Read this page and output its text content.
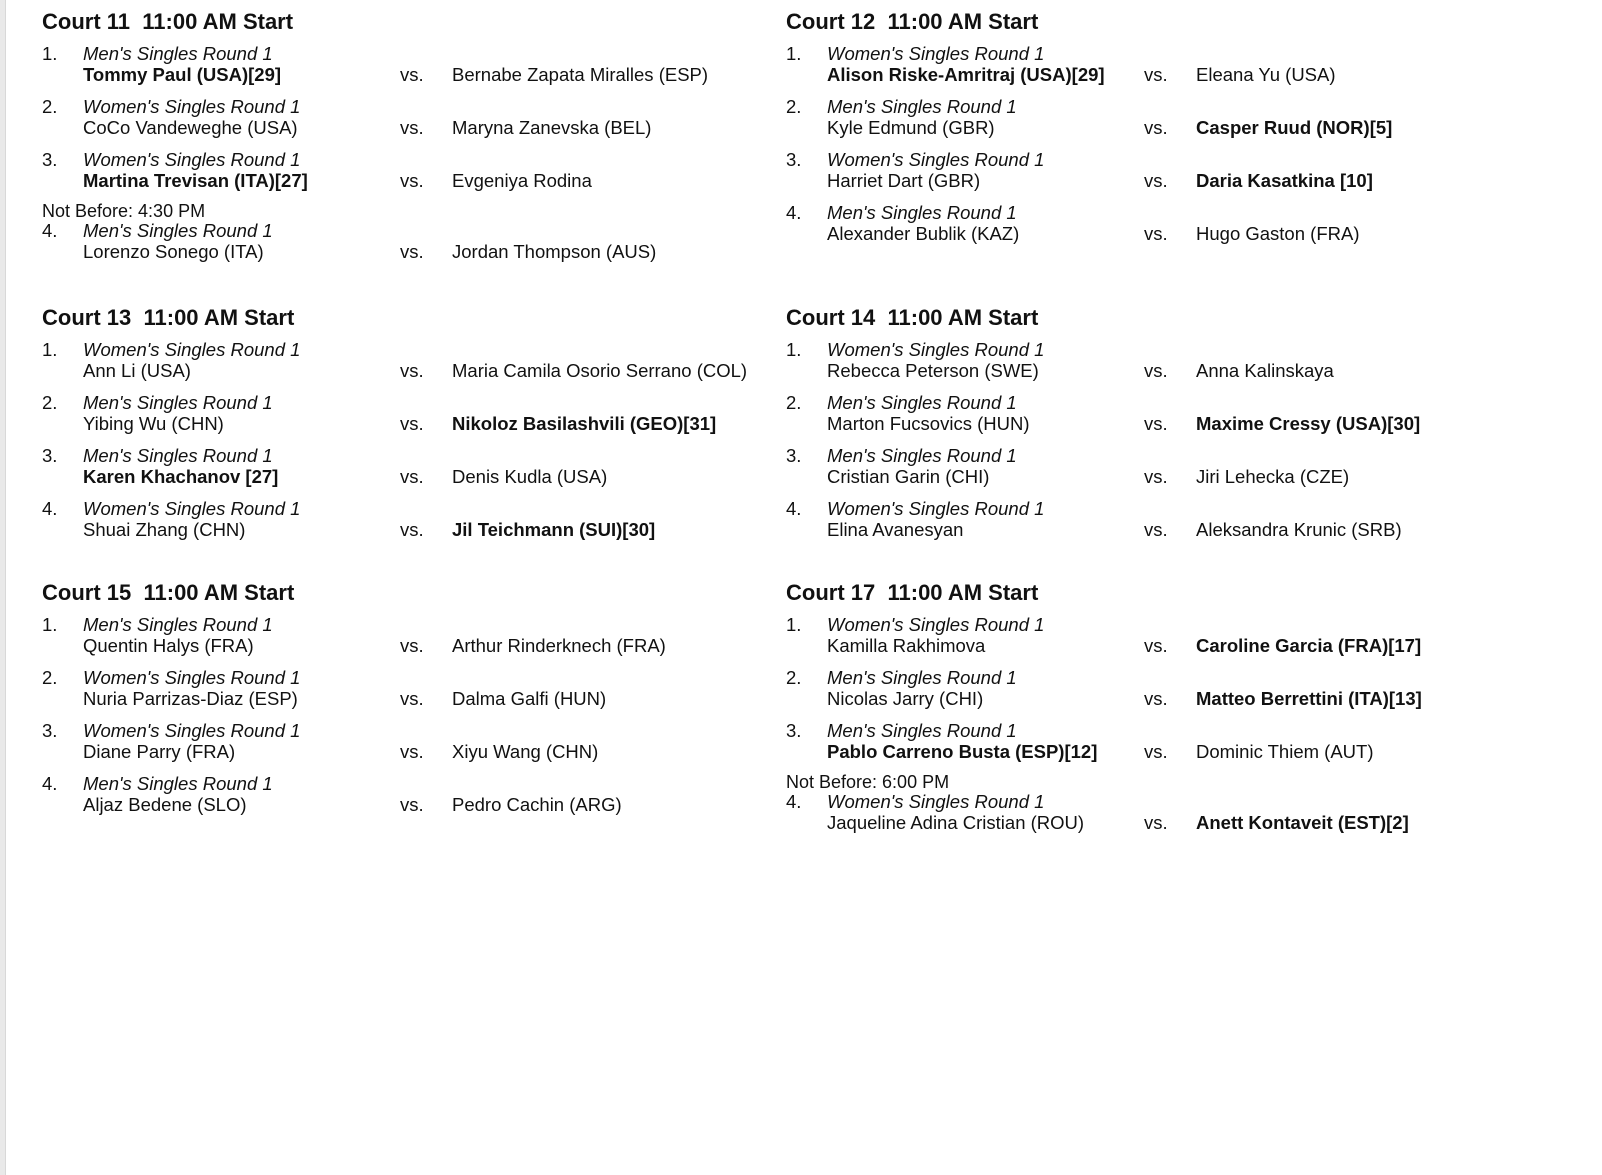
Court 11 11:00 AM Start
1. Men's Singles Round 1
Tommy Paul (USA)[29]	vs. Bernabe Zapata Miralles (ESP)
2. Women's Singles Round 1
CoCo Vandeweghe (USA)	vs. Maryna Zanevska (BEL)
3. Women's Singles Round 1
Martina Trevisan (ITA)[27]	vs. Evgeniya Rodina
Not Before: 4:30 PM
4. Men's Singles Round 1
Lorenzo Sonego (ITA)	vs. Jordan Thompson (AUS)
Court 12 11:00 AM Start
1. Women's Singles Round 1
Alison Riske-Amritraj (USA)[29] vs. Eleana Yu (USA)
2. Men's Singles Round 1
Kyle Edmund (GBR)	vs. Casper Ruud (NOR)[5]
3. Women's Singles Round 1
Harriet Dart (GBR)	vs. Daria Kasatkina [10]
4. Men's Singles Round 1
Alexander Bublik (KAZ)	vs. Hugo Gaston (FRA)
Court 13 11:00 AM Start
1. Women's Singles Round 1
Ann Li (USA)	vs. Maria Camila Osorio Serrano (COL)
2. Men's Singles Round 1
Yibing Wu (CHN)	vs. Nikoloz Basilashvili (GEO)[31]
3. Men's Singles Round 1
Karen Khachanov [27]	vs. Denis Kudla (USA)
4. Women's Singles Round 1
Shuai Zhang (CHN)	vs. Jil Teichmann (SUI)[30]
Court 14 11:00 AM Start
1. Women's Singles Round 1
Rebecca Peterson (SWE)	vs. Anna Kalinskaya
2. Men's Singles Round 1
Marton Fucsovics (HUN)	vs. Maxime Cressy (USA)[30]
3. Men's Singles Round 1
Cristian Garin (CHI)	vs. Jiri Lehecka (CZE)
4. Women's Singles Round 1
Elina Avanesyan	vs. Aleksandra Krunic (SRB)
Court 15 11:00 AM Start
1. Men's Singles Round 1
Quentin Halys (FRA)	vs. Arthur Rinderknech (FRA)
2. Women's Singles Round 1
Nuria Parrizas-Diaz (ESP)	vs. Dalma Galfi (HUN)
3. Women's Singles Round 1
Diane Parry (FRA)	vs. Xiyu Wang (CHN)
4. Men's Singles Round 1
Aljaz Bedene (SLO)	vs. Pedro Cachin (ARG)
Court 17 11:00 AM Start
1. Women's Singles Round 1
Kamilla Rakhimova	vs. Caroline Garcia (FRA)[17]
2. Men's Singles Round 1
Nicolas Jarry (CHI)	vs. Matteo Berrettini (ITA)[13]
3. Men's Singles Round 1
Pablo Carreno Busta (ESP)[12]	vs. Dominic Thiem (AUT)
Not Before: 6:00 PM
4. Women's Singles Round 1
Jaqueline Adina Cristian (ROU)	vs. Anett Kontaveit (EST)[2]
